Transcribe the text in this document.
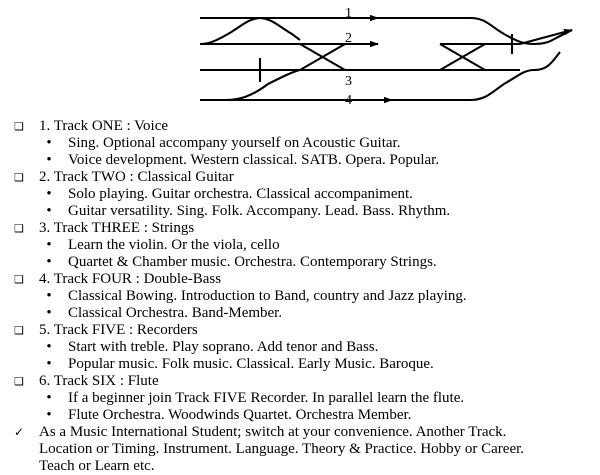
1
2
3
4
❑	1. Track ONE : Voice
•	Sing. Optional accompany yourself on Acoustic Guitar.
•	Voice development. Western classical. SATB. Opera. Popular.
❑	2. Track TWO : Classical Guitar
•	Solo playing. Guitar orchestra. Classical accompaniment.
•	Guitar versatility. Sing. Folk. Accompany. Lead. Bass. Rhythm.
❑	3. Track THREE : Strings
•	Learn the violin. Or the viola, cello
•	Quartet & Chamber music. Orchestra. Contemporary Strings.
❑	4. Track FOUR : Double-Bass
•	Classical Bowing. Introduction to Band, country and Jazz playing.
•	Classical Orchestra. Band-Member.
❑	5. Track FIVE : Recorders
•	Start with treble. Play soprano. Add tenor and Bass.
•	Popular music. Folk music. Classical. Early Music. Baroque.
❑	6. Track SIX : Flute
•	If a beginner join Track FIVE Recorder. In parallel learn the flute.
•	Flute Orchestra. Woodwinds Quartet. Orchestra Member.
✓ As a Music International Student; switch at your convenience. Another Track.
Location or Timing. Instrument. Language. Theory & Practice. Hobby or Career.
Teach or Learn etc.
